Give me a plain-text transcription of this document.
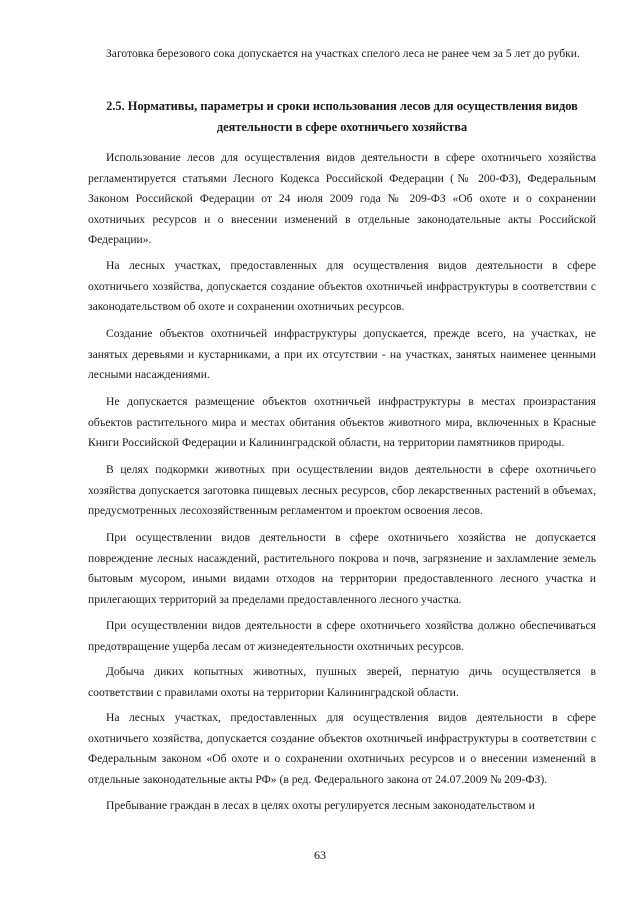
Заготовка березового сока допускается на участках спелого леса не ранее чем за 5 лет до рубки.

2.5. Нормативы, параметры и сроки использования лесов для осуществления видов деятельности в сфере охотничьего хозяйства

Использование лесов для осуществления видов деятельности в сфере охотничьего хозяйства регламентируется статьями Лесного Кодекса Российской Федерации (№ 200-ФЗ), Федеральным Законом Российской Федерации от 24 июля 2009 года № 209-ФЗ «Об охоте и о сохранении охотничьих ресурсов и о внесении изменений в отдельные законодательные акты Российской Федерации».

На лесных участках, предоставленных для осуществления видов деятельности в сфере охотничьего хозяйства, допускается создание объектов охотничьей инфраструктуры в соответствии с законодательством об охоте и сохранении охотничьих ресурсов.

Создание объектов охотничьей инфраструктуры допускается, прежде всего, на участках, не занятых деревьями и кустарниками, а при их отсутствии - на участках, занятых наименее ценными лесными насаждениями.

Не допускается размещение объектов охотничьей инфраструктуры в местах произрастания объектов растительного мира и местах обитания объектов животного мира, включенных в Красные Книги Российской Федерации и Калининградской области, на территории памятников природы.

В целях подкормки животных при осуществлении видов деятельности в сфере охотничьего хозяйства допускается заготовка пищевых лесных ресурсов, сбор лекарственных растений в объемах, предусмотренных лесохозяйственным регламентом и проектом освоения лесов.

При осуществлении видов деятельности в сфере охотничьего хозяйства не допускается повреждение лесных насаждений, растительного покрова и почв, загрязнение и захламление земель бытовым мусором, иными видами отходов на территории предоставленного лесного участка и прилегающих территорий за пределами предоставленного лесного участка.

При осуществлении видов деятельности в сфере охотничьего хозяйства должно обеспечиваться предотвращение ущерба лесам от жизнедеятельности охотничьих ресурсов.

Добыча диких копытных животных, пушных зверей, пернатую дичь осуществляется в соответствии с правилами охоты на территории Калининградской области.

На лесных участках, предоставленных для осуществления видов деятельности в сфере охотничьего хозяйства, допускается создание объектов охотничьей инфраструктуры в соответствии с Федеральным законом «Об охоте и о сохранении охотничьих ресурсов и о внесении изменений в отдельные законодательные акты РФ» (в ред. Федерального закона от 24.07.2009 № 209-ФЗ).

Пребывание граждан в лесах в целях охоты регулируется лесным законодательством и

63
